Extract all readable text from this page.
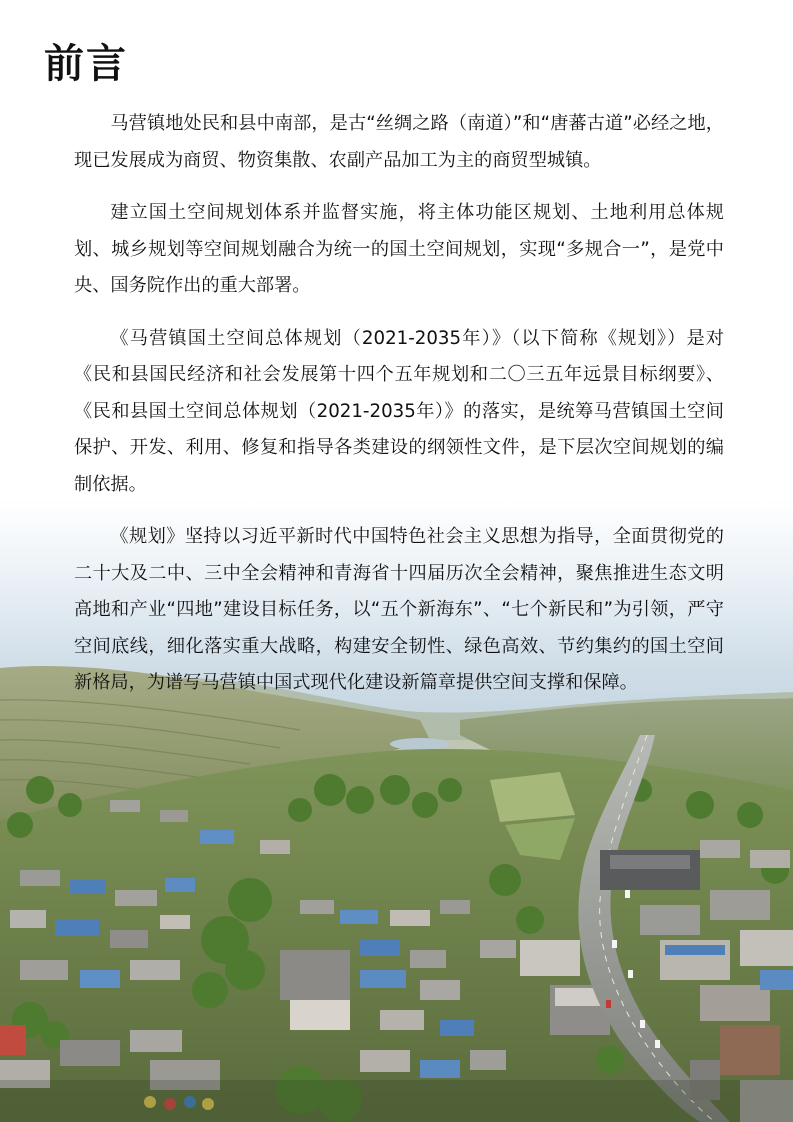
前言

马营镇地处民和县中南部，是古“丝绸之路（南道）”和“唐蕃古道”必经之地，现已发展成为商贸、物资集散、农副产品加工为主的商贸型城镇。

建立国土空间规划体系并监督实施，将主体功能区规划、土地利用总体规划、城乡规划等空间规划融合为统一的国土空间规划，实现“多规合一”，是党中央、国务院作出的重大部署。

《马营镇国土空间总体规划（2021-2035年）》（以下简称《规划》）是对《民和县国民经济和社会发展第十四个五年规划和二〇三五年远景目标纲要》、《民和县国土空间总体规划（2021-2035年）》的落实，是统筹马营镇国土空间保护、开发、利用、修复和指导各类建设的纲领性文件，是下层次空间规划的编制依据。

《规划》坚持以习近平新时代中国特色社会主义思想为指导，全面贯彻党的二十大及二中、三中全会精神和青海省十四届历次全会精神，聚焦推进生态文明高地和产业“四地”建设目标任务，以“五个新海东”、“七个新民和”为引领，严守空间底线，细化落实重大战略，构建安全韧性、绿色高效、节约集约的国土空间新格局，为谱写马营镇中国式现代化建设新篇章提供空间支撑和保障。
